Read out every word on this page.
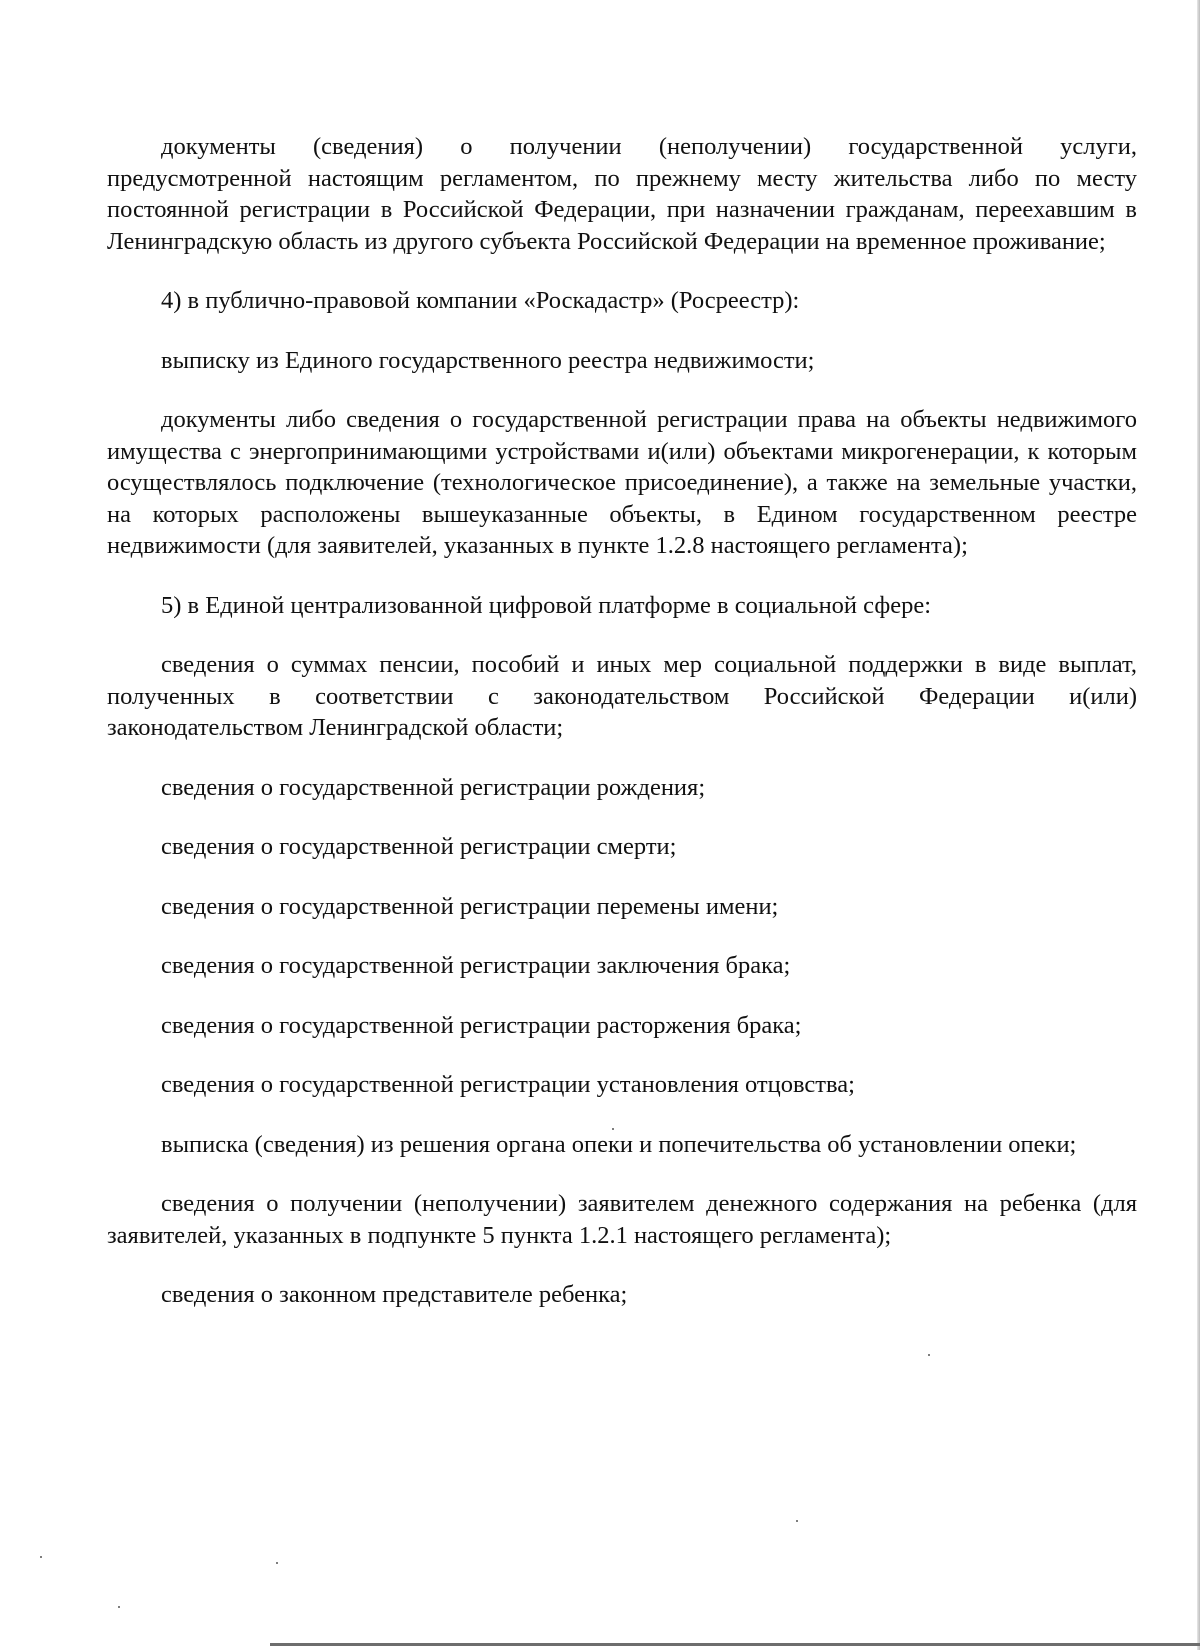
документы (сведения) о получении (неполучении) государственной услуги, предусмотренной настоящим регламентом, по прежнему месту жительства либо по месту постоянной регистрации в Российской Федерации, при назначении гражданам, переехавшим в Ленинградскую область из другого субъекта Российской Федерации на временное проживание;

4) в публично-правовой компании «Роскадастр» (Росреестр):

выписку из Единого государственного реестра недвижимости;

документы либо сведения о государственной регистрации права на объекты недвижимого имущества с энергопринимающими устройствами и(или) объектами микрогенерации, к которым осуществлялось подключение (технологическое присоединение), а также на земельные участки, на которых расположены вышеуказанные объекты, в Едином государственном реестре недвижимости (для заявителей, указанных в пункте 1.2.8 настоящего регламента);

5) в Единой централизованной цифровой платформе в социальной сфере:

сведения о суммах пенсии, пособий и иных мер социальной поддержки в виде выплат, полученных в соответствии с законодательством Российской Федерации и(или) законодательством Ленинградской области;

сведения о государственной регистрации рождения;

сведения о государственной регистрации смерти;

сведения о государственной регистрации перемены имени;

сведения о государственной регистрации заключения брака;

сведения о государственной регистрации расторжения брака;

сведения о государственной регистрации установления отцовства;

выписка (сведения) из решения органа опеки и попечительства об установлении опеки;

сведения о получении (неполучении) заявителем денежного содержания на ребенка (для заявителей, указанных в подпункте 5 пункта 1.2.1 настоящего регламента);

сведения о законном представителе ребенка;
